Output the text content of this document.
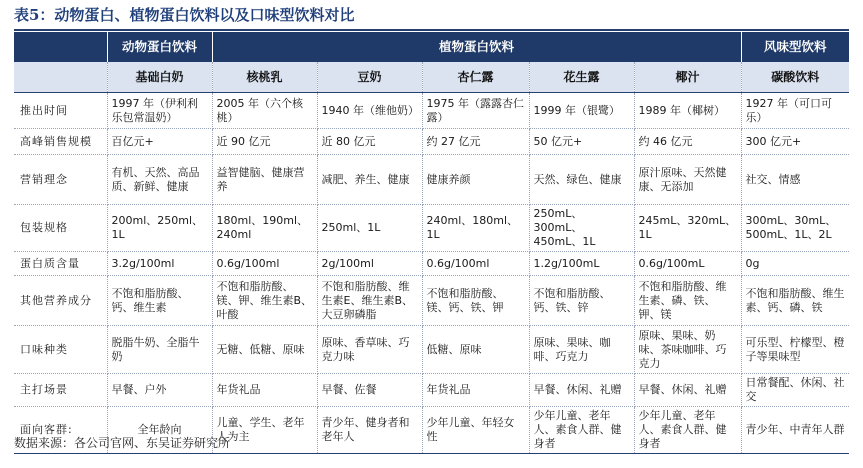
表5：动物蛋白、植物蛋白饮料以及口味型饮料对比
	动物蛋白饮料	植物蛋白饮料					风味型饮料
	基础白奶	核桃乳	豆奶	杏仁露	花生露	椰汁	碳酸饮料
推出时间	1997 年（伊利利乐包常温奶）	2005 年（六个核桃）	1940 年（维他奶）	1975 年（露露杏仁露）	1999 年（银鹭）	1989 年（椰树）	1927 年（可口可乐）
高峰销售规模	百亿元+	近 90 亿元	近 80 亿元	约 27 亿元	50 亿元+	约 46 亿元	300 亿元+
营销理念	有机、天然、高品质、新鲜、健康	益智健脑、健康营养	减肥、养生、健康	健康养颜	天然、绿色、健康	原汁原味、天然健康、无添加	社交、情感
包装规格	200ml、250ml、1L	180ml、190ml、240ml	250ml、1L	240ml、180ml、1L	250mL、300mL、450mL、1L	245mL、320mL、1L	300mL、30mL、500mL、1L、2L
蛋白质含量	3.2g/100ml	0.6g/100ml	2g/100ml	0.6g/100ml	1.2g/100mL	0.6g/100mL	0g
其他营养成分	不饱和脂肪酸、钙、维生素	不饱和脂肪酸、镁、钾、维生素B、叶酸	不饱和脂肪酸、维生素E、维生素B、大豆卵磷脂	不饱和脂肪酸、镁、钙、铁、钾	不饱和脂肪酸、钙、铁、锌	不饱和脂肪酸、维生素、磷、铁、钾、镁	不饱和脂肪酸、维生素、钙、磷、铁
口味种类	脱脂牛奶、全脂牛奶	无糖、低糖、原味	原味、香草味、巧克力味	低糖、原味	原味、果味、咖啡、巧克力	原味、果味、奶味、茶味咖啡、巧克力	可乐型、柠檬型、橙子等果味型
主打场景	早餐、户外	年货礼品	早餐、佐餐	年货礼品	早餐、休闲、礼赠	早餐、休闲、礼赠	日常餐配、休闲、社交
面向客群:	全年龄向	儿童、学生、老年人为主	青少年、健身者和老年人	少年儿童、年轻女性	少年儿童、老年人、素食人群、健身者	少年儿童、老年人、素食人群、健身者	青少年、中青年人群
数据来源：各公司官网、东吴证券研究所
